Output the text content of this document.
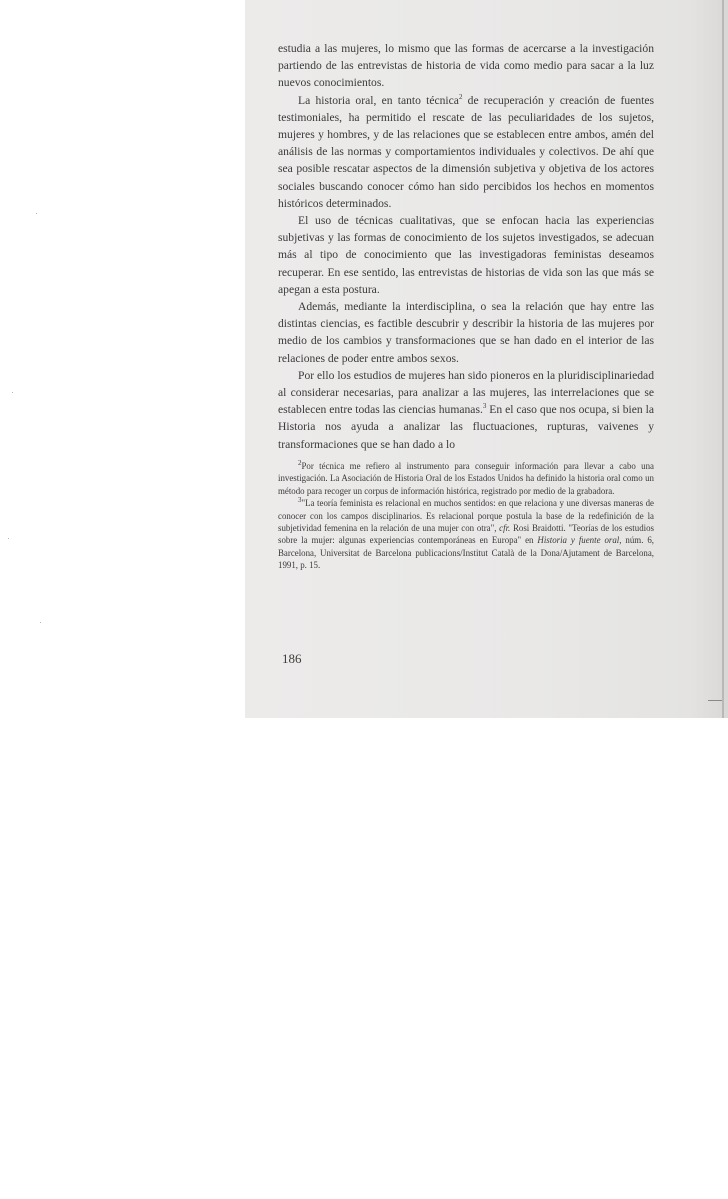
estudia a las mujeres, lo mismo que las formas de acercarse a la investigación partiendo de las entrevistas de historia de vida como medio para sacar a la luz nuevos conocimientos.

La historia oral, en tanto técnica$^2$ de recuperación y creación de fuentes testimoniales, ha permitido el rescate de las peculiaridades de los sujetos, mujeres y hombres, y de las relaciones que se establecen entre ambos, amén del análisis de las normas y comportamientos individuales y colectivos. De ahí que sea posible rescatar aspectos de la dimensión subjetiva y objetiva de los actores sociales buscando conocer cómo han sido percibidos los hechos en momentos históricos determinados.

El uso de técnicas cualitativas, que se enfocan hacia las experiencias subjetivas y las formas de conocimiento de los sujetos investigados, se adecuan más al tipo de conocimiento que las investigadoras feministas deseamos recuperar. En ese sentido, las entrevistas de historias de vida son las que más se apegan a esta postura.

Además, mediante la interdisciplina, o sea la relación que hay entre las distintas ciencias, es factible descubrir y describir la historia de las mujeres por medio de los cambios y transformaciones que se han dado en el interior de las relaciones de poder entre ambos sexos.

Por ello los estudios de mujeres han sido pioneros en la pluridisciplinariedad al considerar necesarias, para analizar a las mujeres, las interrelaciones que se establecen entre todas las ciencias humanas.$^3$ En el caso que nos ocupa, si bien la Historia nos ayuda a analizar las fluctuaciones, rupturas, vaivenes y transformaciones que se han dado a lo

$^2$Por técnica me refiero al instrumento para conseguir información para llevar a cabo una investigación. La Asociación de Historia Oral de los Estados Unidos ha definido la historia oral como un método para recoger un corpus de información histórica, registrado por medio de la grabadora.

$^3$"La teoría feminista es relacional en muchos sentidos: en que relaciona y une diversas maneras de conocer con los campos disciplinarios. Es relacional porque postula la base de la redefinición de la subjetividad femenina en la relación de una mujer con otra", cfr. Rosi Braidotti. "Teorías de los estudios sobre la mujer: algunas experiencias contemporáneas en Europa" en Historia y fuente oral, núm. 6, Barcelona, Universitat de Barcelona publicacions/Institut Català de la Dona/Ajutament de Barcelona, 1991, p. 15.

186
